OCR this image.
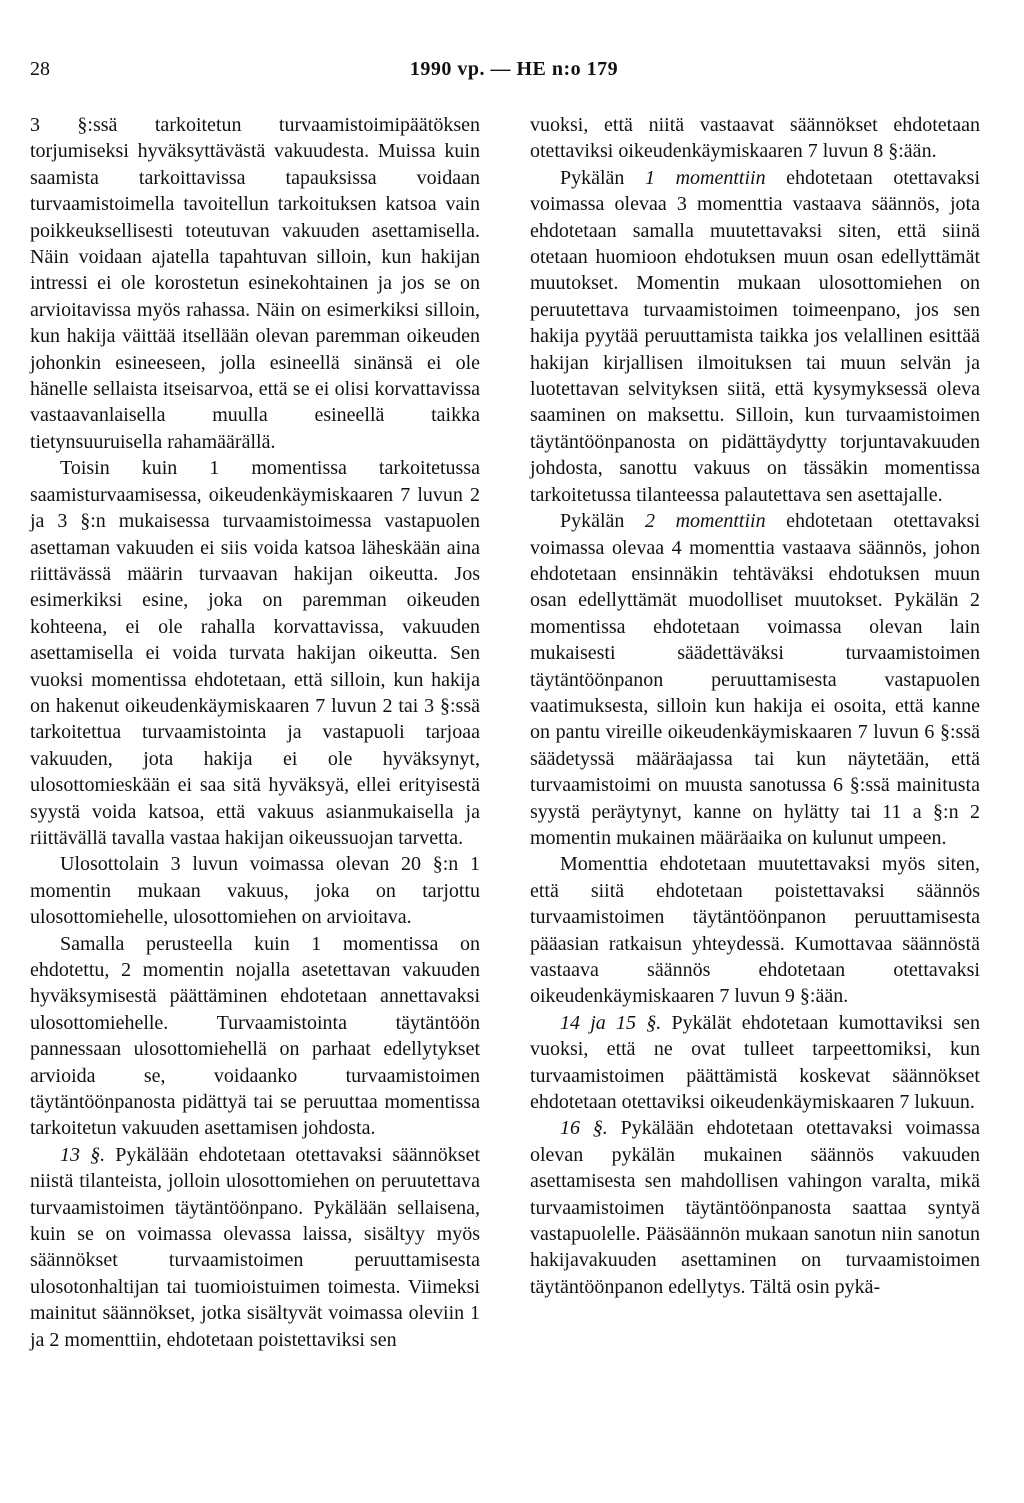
28	1990 vp. — HE n:o 179

3 §:ssä tarkoitetun turvaamistoimipäätöksen torjumiseksi hyväksyttävästä vakuudesta. Muissa kuin saamista tarkoittavissa tapauksissa voidaan turvaamistoimella tavoitellun tarkoituksen katsoa vain poikkeuksellisesti toteutuvan vakuuden asettamisella. Näin voidaan ajatella tapahtuvan silloin, kun hakijan intressi ei ole korostetun esinekohtainen ja jos se on arvioitavissa myös rahassa. Näin on esimerkiksi silloin, kun hakija väittää itsellään olevan paremman oikeuden johonkin esineeseen, jolla esineellä sinänsä ei ole hänelle sellaista itseisarvoa, että se ei olisi korvattavissa vastaavanlaisella muulla esineellä taikka tietynsuuruisella rahamäärällä.

Toisin kuin 1 momentissa tarkoitetussa saamisturvaamisessa, oikeudenkäymiskaaren 7 luvun 2 ja 3 §:n mukaisessa turvaamistoimessa vastapuolen asettaman vakuuden ei siis voida katsoa läheskään aina riittävässä määrin turvaavan hakijan oikeutta. Jos esimerkiksi esine, joka on paremman oikeuden kohteena, ei ole rahalla korvattavissa, vakuuden asettamisella ei voida turvata hakijan oikeutta. Sen vuoksi momentissa ehdotetaan, että silloin, kun hakija on hakenut oikeudenkäymiskaaren 7 luvun 2 tai 3 §:ssä tarkoitettua turvaamistointa ja vastapuoli tarjoaa vakuuden, jota hakija ei ole hyväksynyt, ulosottomieskään ei saa sitä hyväksyä, ellei erityisestä syystä voida katsoa, että vakuus asianmukaisella ja riittävällä tavalla vastaa hakijan oikeussuojan tarvetta.

Ulosottolain 3 luvun voimassa olevan 20 §:n 1 momentin mukaan vakuus, joka on tarjottu ulosottomiehelle, ulosottomiehen on arvioitava.

Samalla perusteella kuin 1 momentissa on ehdotettu, 2 momentin nojalla asetettavan vakuuden hyväksymisestä päättäminen ehdotetaan annettavaksi ulosottomiehelle. Turvaamistointa täytäntöön pannessaan ulosottomiehellä on parhaat edellytykset arvioida se, voidaanko turvaamistoimen täytäntöönpanosta pidättyä tai se peruuttaa momentissa tarkoitetun vakuuden asettamisen johdosta.

13 §. Pykälään ehdotetaan otettavaksi säännökset niistä tilanteista, jolloin ulosottomiehen on peruutettava turvaamistoimen täytäntöönpano. Pykälään sellaisena, kuin se on voimassa olevassa laissa, sisältyy myös säännökset turvaamistoimen peruuttamisesta ulosotonhaltijan tai tuomioistuimen toimesta. Viimeksi mainitut säännökset, jotka sisältyvät voimassa oleviin 1 ja 2 momenttiin, ehdotetaan poistettaviksi sen

vuoksi, että niitä vastaavat säännökset ehdotetaan otettaviksi oikeudenkäymiskaaren 7 luvun 8 §:ään.

Pykälän 1 momenttiin ehdotetaan otettavaksi voimassa olevaa 3 momenttia vastaava säännös, jota ehdotetaan samalla muutettavaksi siten, että siinä otetaan huomioon ehdotuksen muun osan edellyttämät muutokset. Momentin mukaan ulosottomiehen on peruutettava turvaamistoimen toimeenpano, jos sen hakija pyytää peruuttamista taikka jos velallinen esittää hakijan kirjallisen ilmoituksen tai muun selvän ja luotettavan selvityksen siitä, että kysymyksessä oleva saaminen on maksettu. Silloin, kun turvaamistoimen täytäntöönpanosta on pidättäydytty torjuntavakuuden johdosta, sanottu vakuus on tässäkin momentissa tarkoitetussa tilanteessa palautettava sen asettajalle.

Pykälän 2 momenttiin ehdotetaan otettavaksi voimassa olevaa 4 momenttia vastaava säännös, johon ehdotetaan ensinnäkin tehtäväksi ehdotuksen muun osan edellyttämät muodolliset muutokset. Pykälän 2 momentissa ehdotetaan voimassa olevan lain mukaisesti säädettäväksi turvaamistoimen täytäntöönpanon peruuttamisesta vastapuolen vaatimuksesta, silloin kun hakija ei osoita, että kanne on pantu vireille oikeudenkäymiskaaren 7 luvun 6 §:ssä säädetyssä määräajassa tai kun näytetään, että turvaamistoimi on muusta sanotussa 6 §:ssä mainitusta syystä peräytynyt, kanne on hylätty tai 11 a §:n 2 momentin mukainen määräaika on kulunut umpeen.

Momenttia ehdotetaan muutettavaksi myös siten, että siitä ehdotetaan poistettavaksi säännös turvaamistoimen täytäntöönpanon peruuttamisesta pääasian ratkaisun yhteydessä. Kumottavaa säännöstä vastaava säännös ehdotetaan otettavaksi oikeudenkäymiskaaren 7 luvun 9 §:ään.

14 ja 15 §. Pykälät ehdotetaan kumottaviksi sen vuoksi, että ne ovat tulleet tarpeettomiksi, kun turvaamistoimen päättämistä koskevat säännökset ehdotetaan otettaviksi oikeudenkäymiskaaren 7 lukuun.

16 §. Pykälään ehdotetaan otettavaksi voimassa olevan pykälän mukainen säännös vakuuden asettamisesta sen mahdollisen vahingon varalta, mikä turvaamistoimen täytäntöönpanosta saattaa syntyä vastapuolelle. Pääsäännön mukaan sanotun niin sanotun hakijavakuuden asettaminen on turvaamistoimen täytäntöönpanon edellytys. Tältä osin pykä-
